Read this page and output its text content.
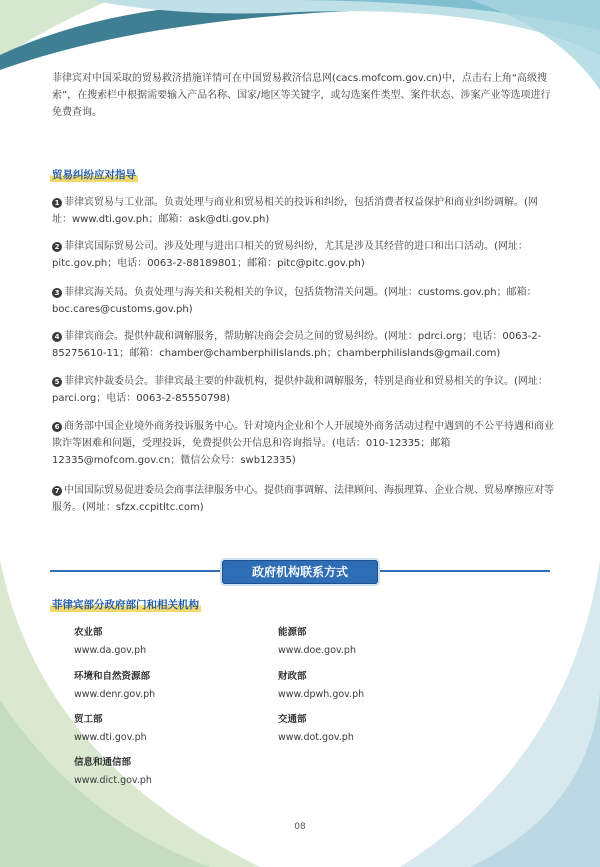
菲律宾对中国采取的贸易救济措施详情可在中国贸易救济信息网(cacs.mofcom.gov.cn)中，点击右上角“高级搜索”，在搜索栏中根据需要输入产品名称、国家/地区等关键字，或勾选案件类型、案件状态、涉案产业等选项进行免费查询。

贸易纠纷应对指导

1 菲律宾贸易与工业部。负责处理与商业和贸易相关的投诉和纠纷，包括消费者权益保护和商业纠纷调解。(网址：www.dti.gov.ph；邮箱：ask@dti.gov.ph)

2 菲律宾国际贸易公司。涉及处理与进出口相关的贸易纠纷，尤其是涉及其经营的进口和出口活动。(网址：pitc.gov.ph；电话：0063-2-88189801；邮箱：pitc@pitc.gov.ph)

3 菲律宾海关局。负责处理与海关和关税相关的争议，包括货物清关问题。(网址：customs.gov.ph；邮箱：boc.cares@customs.gov.ph)

4 菲律宾商会。提供仲裁和调解服务，帮助解决商会会员之间的贸易纠纷。(网址：pdrci.org；电话：0063-2-85275610-11；邮箱：chamber@chamberphilislands.ph；chamberphilislands@gmail.com)

5 菲律宾仲裁委员会。菲律宾最主要的仲裁机构，提供仲裁和调解服务，特别是商业和贸易相关的争议。(网址：parci.org；电话：0063-2-85550798)

6 商务部中国企业境外商务投诉服务中心。针对境内企业和个人开展境外商务活动过程中遇到的不公平待遇和商业欺诈等困难和问题，受理投诉，免费提供公开信息和咨询指导。(电话：010-12335；邮箱12335@mofcom.gov.cn；微信公众号：swb12335)

7 中国国际贸易促进委员会商事法律服务中心。提供商事调解、法律顾问、海损理算、企业合规、贸易摩擦应对等服务。(网址：sfzx.ccpitltc.com)

政府机构联系方式
菲律宾部分政府部门和相关机构
农业部
www.da.gov.ph
能源部
www.doe.gov.ph
环境和自然资源部
www.denr.gov.ph
财政部
www.dpwh.gov.ph
贸工部
www.dti.gov.ph
交通部
www.dot.gov.ph
信息和通信部
www.dict.gov.ph
08
